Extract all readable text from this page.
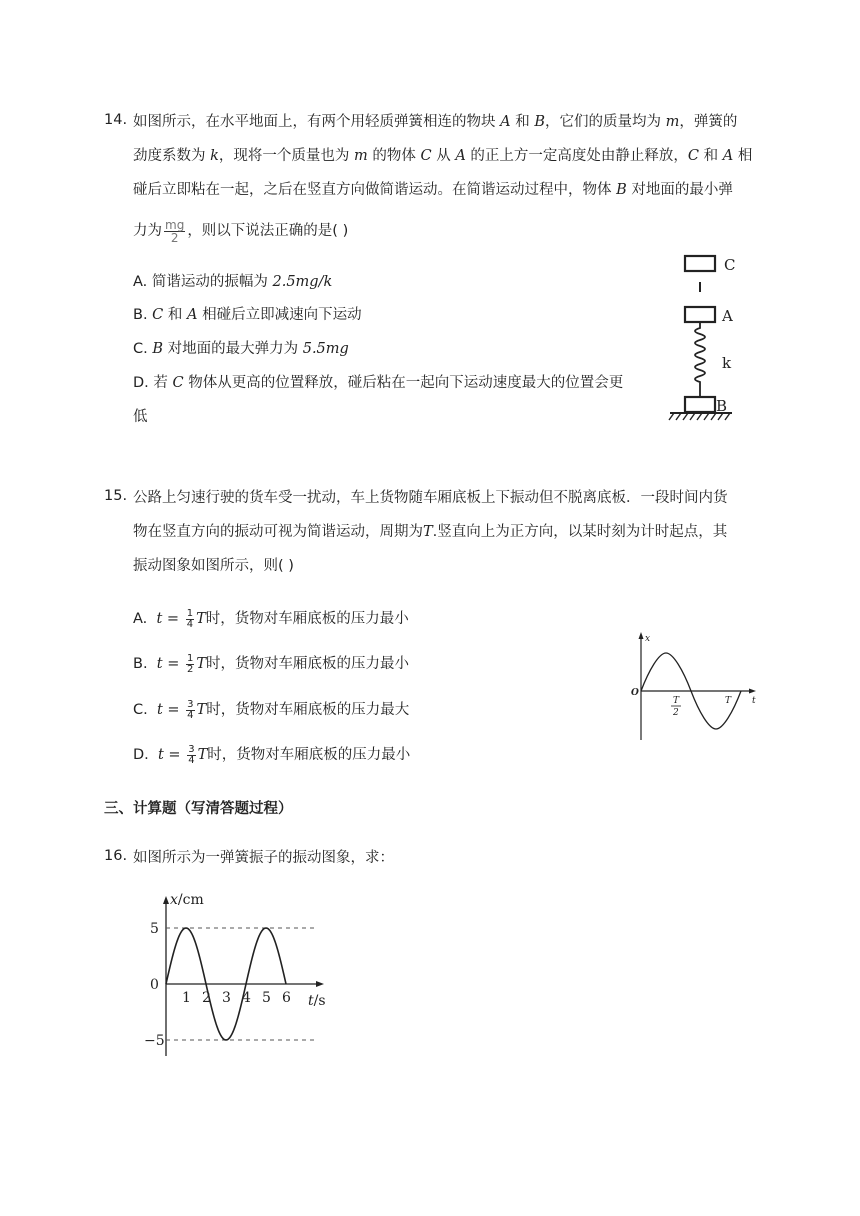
14. 如图所示，在水平地面上，有两个用轻质弹簧相连的物块 A 和 B，它们的质量均为 m，弹簧的
劲度系数为 k，现将一个质量也为 m 的物体 C 从 A 的正上方一定高度处由静止释放，C 和 A 相
碰后立即粘在一起，之后在竖直方向做简谐运动。在简谐运动过程中，物体 B 对地面的最小弹
力为 $\frac{mg}{2}$ ，则以下说法正确的是( )
A. 简谐运动的振幅为 2.5mg/k
B. C 和 A 相碰后立即减速向下运动
C. B 对地面的最大弹力为 5.5mg
D. 若 C 物体从更高的位置释放，碰后粘在一起向下运动速度最大的位置会更
低
C
A
k
B
15. 公路上匀速行驶的货车受一扰动，车上货物随车厢底板上下振动但不脱离底板．一段时间内货
物在竖直方向的振动可视为简谐运动，周期为T.竖直向上为正方向，以某时刻为计时起点，其
振动图象如图所示，则( )
A. $t = \frac{1}{4}$ T时，货物对车厢底板的压力最小
B. $t = \frac{1}{2}$ T时，货物对车厢底板的压力最小
C. $t = \frac{3}{4}$ T时，货物对车厢底板的压力最大
D. $t = \frac{3}{4}$ T时，货物对车厢底板的压力最小
x
t
O
T
2
T
三、计算题（写清答题过程）
16. 如图所示为一弹簧振子的振动图象，求：
x/cm
t/s
1 2 3 4 5 6
5
0
−5
